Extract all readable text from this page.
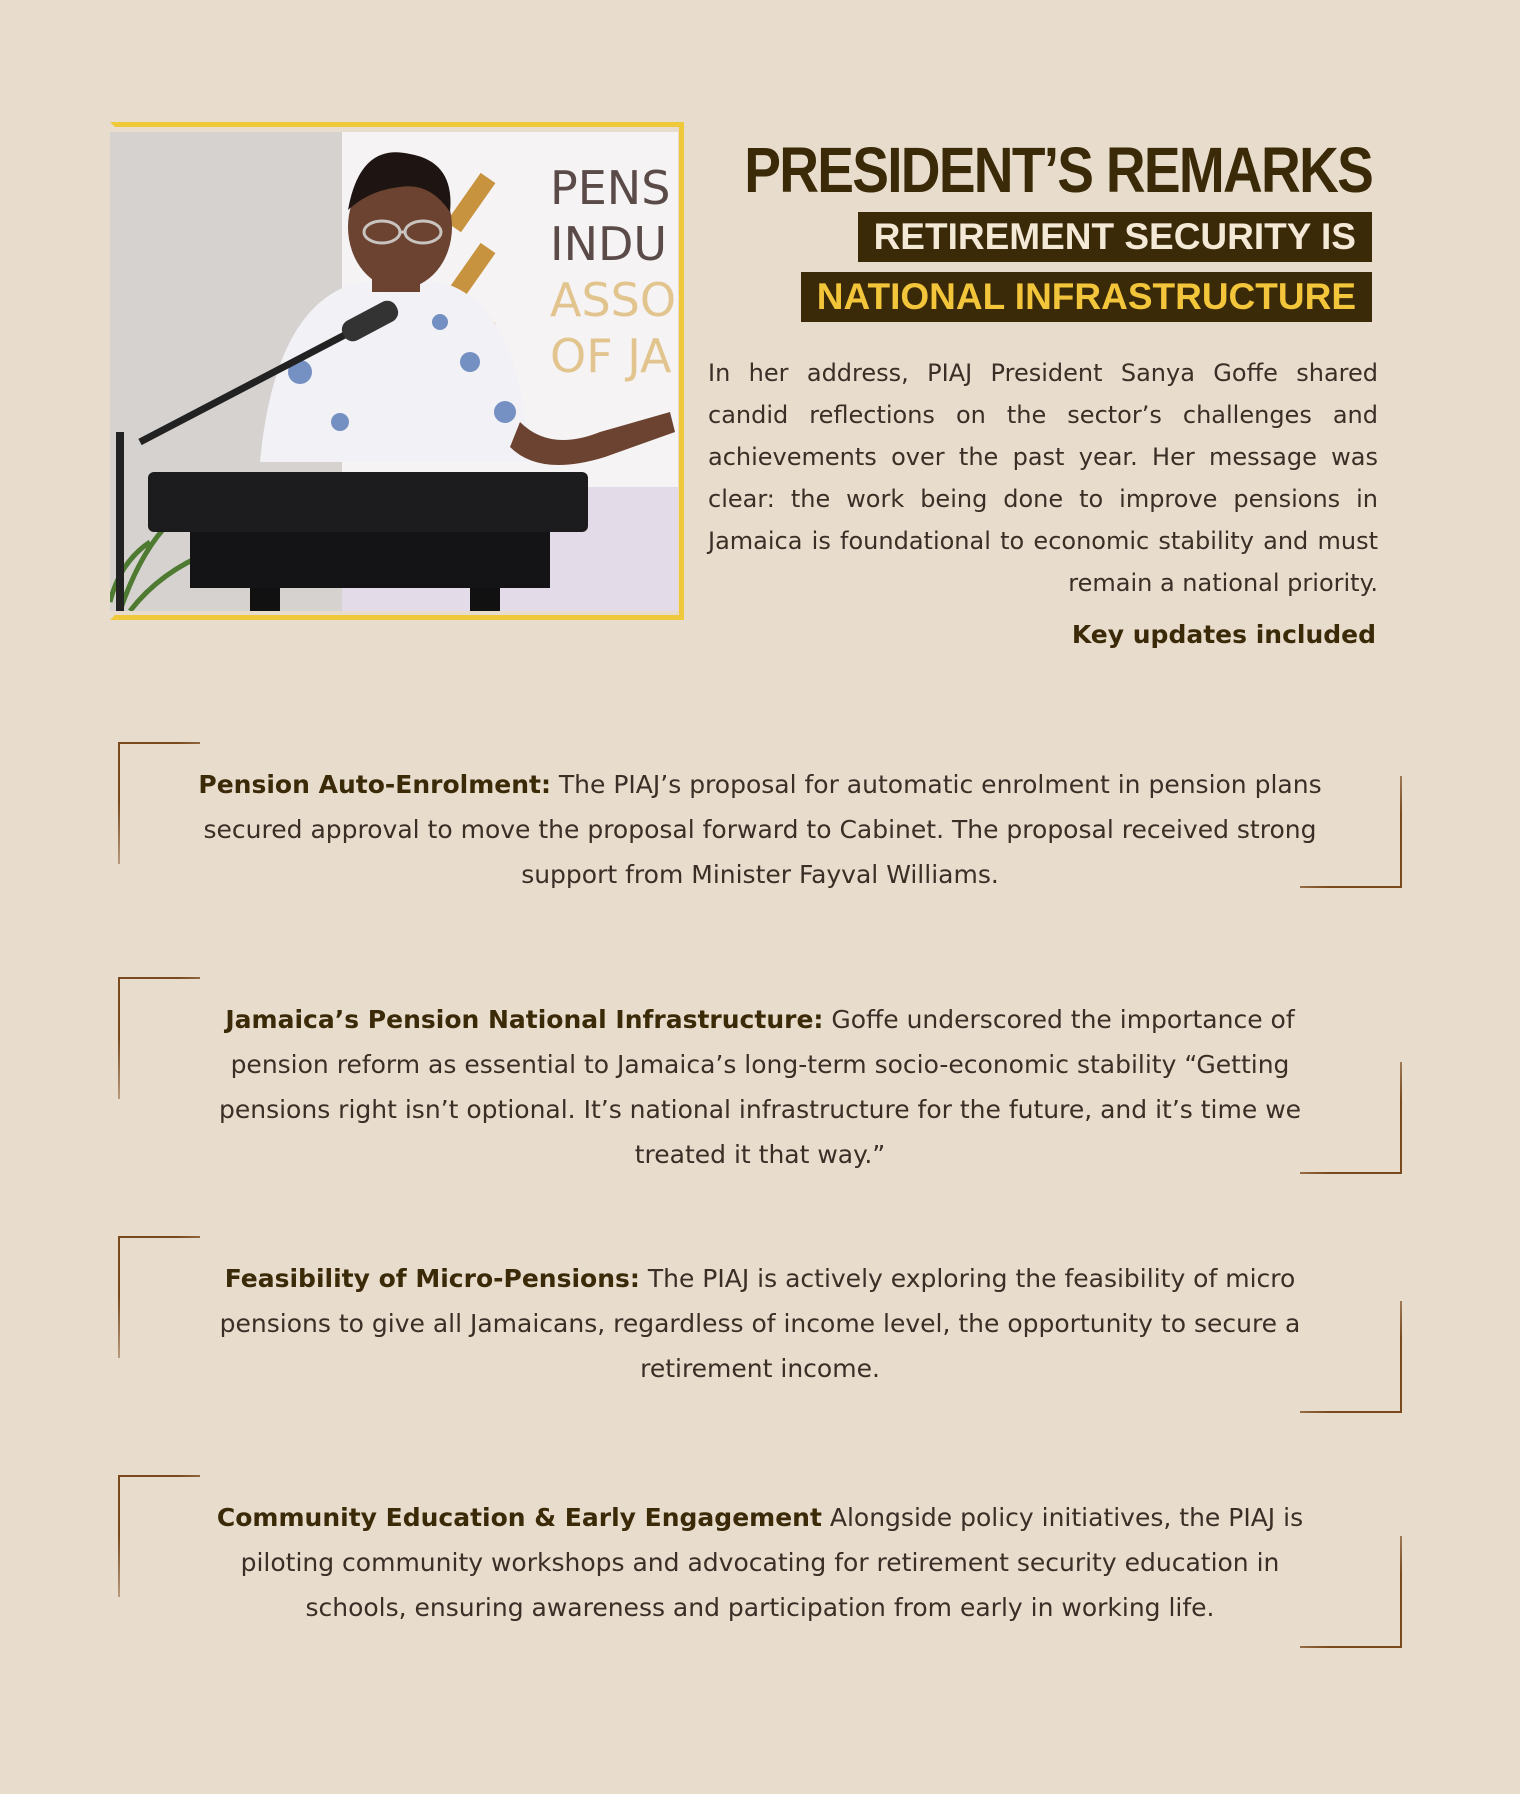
PENS
INDU
ASSO
OF JA
PRESIDENT’S REMARKS
RETIREMENT SECURITY IS
NATIONAL INFRASTRUCTURE

In her address, PIAJ President Sanya Goffe shared candid reflections on the sector’s challenges and achievements over the past year. Her message was clear: the work being done to improve pensions in Jamaica is foundational to economic stability and must remain a national priority.

Key updates included

Pension Auto-Enrolment: The PIAJ’s proposal for automatic enrolment in pension plans secured approval to move the proposal forward to Cabinet. The proposal received strong support from Minister Fayval Williams.

Jamaica’s Pension National Infrastructure: Goffe underscored the importance of pension reform as essential to Jamaica’s long-term socio-economic stability “Getting pensions right isn’t optional. It’s national infrastructure for the future, and it’s time we treated it that way.”

Feasibility of Micro-Pensions: The PIAJ is actively exploring the feasibility of micro pensions to give all Jamaicans, regardless of income level, the opportunity to secure a retirement income.

Community Education & Early Engagement Alongside policy initiatives, the PIAJ is piloting community workshops and advocating for retirement security education in schools, ensuring awareness and participation from early in working life.
